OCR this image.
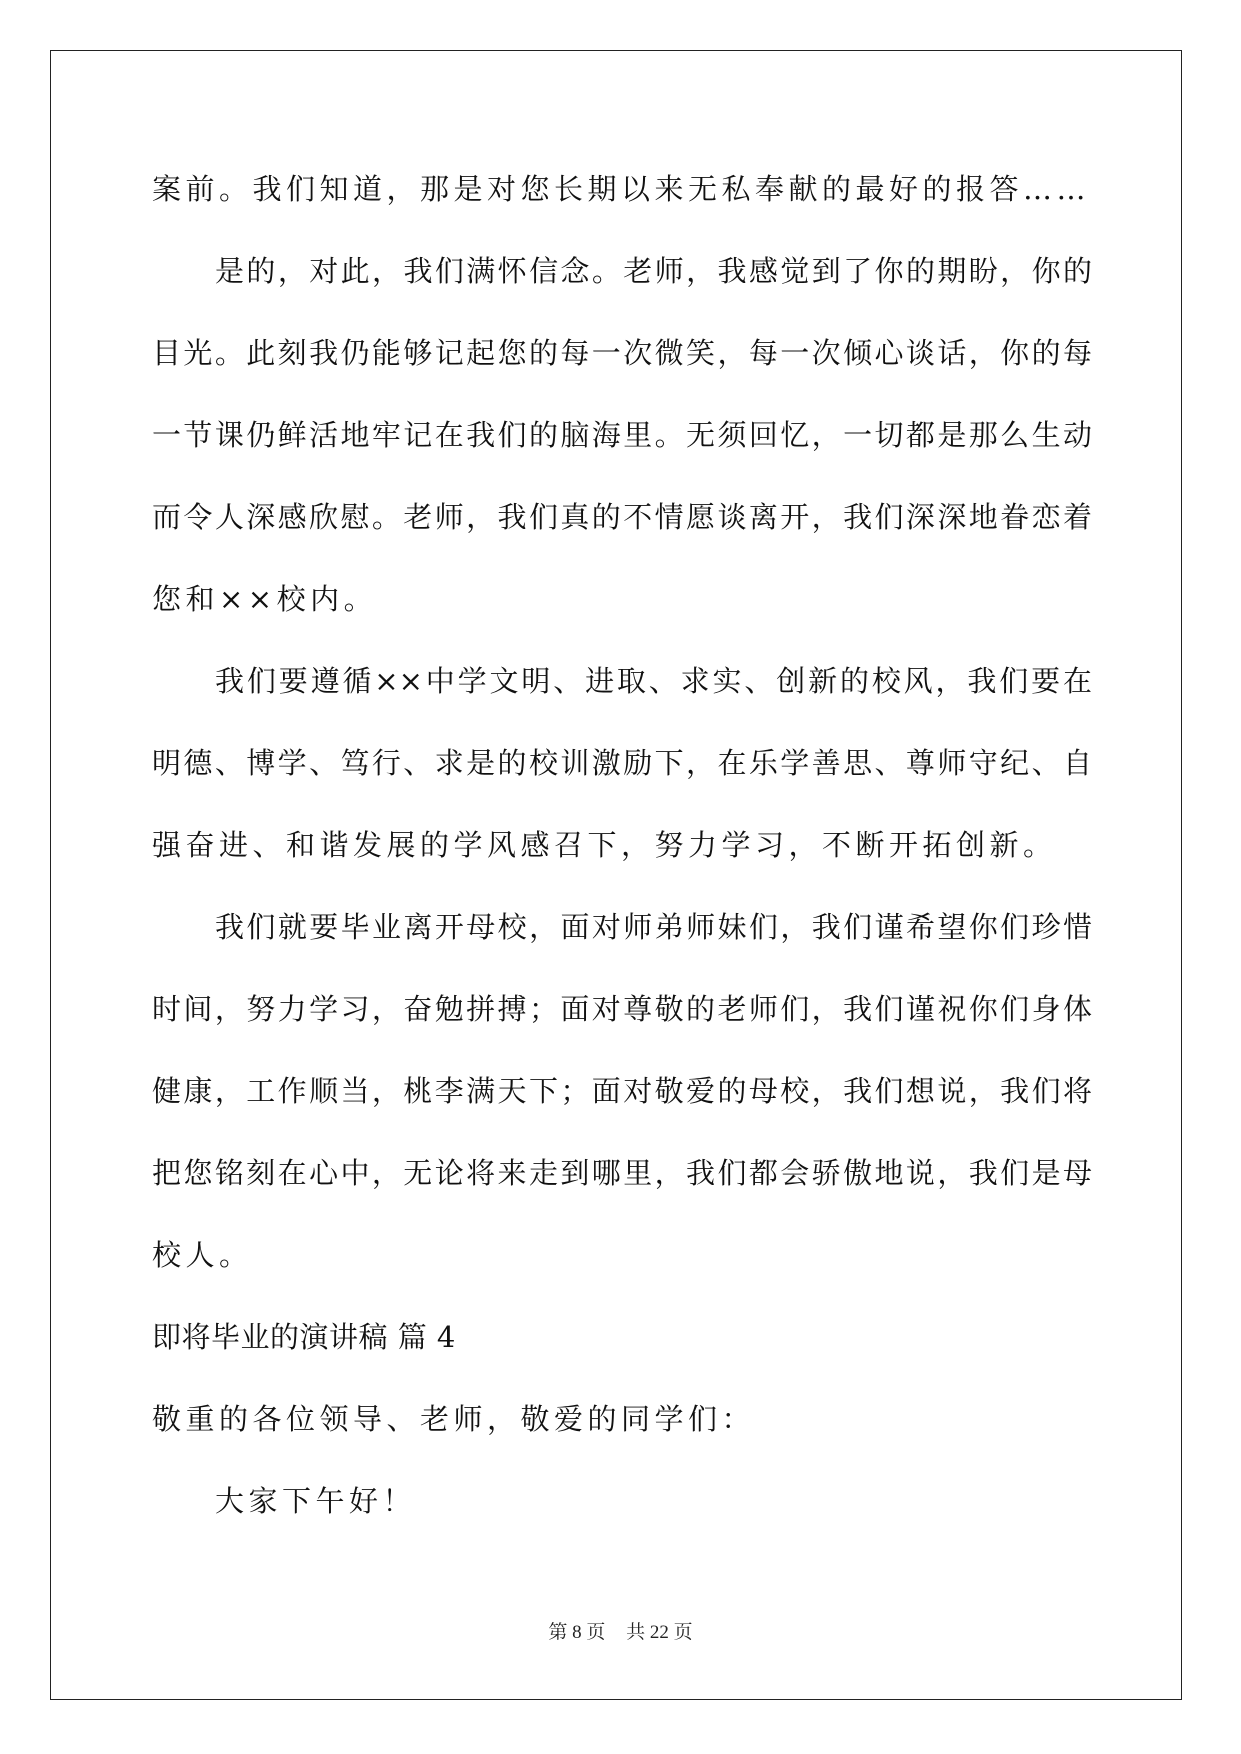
案前。我们知道，那是对您长期以来无私奉献的最好的报答……
是的，对此，我们满怀信念。老师，我感觉到了你的期盼，你的
目光。此刻我仍能够记起您的每一次微笑，每一次倾心谈话，你的每
一节课仍鲜活地牢记在我们的脑海里。无须回忆，一切都是那么生动
而令人深感欣慰。老师，我们真的不情愿谈离开，我们深深地眷恋着
您和××校内。
我们要遵循××中学文明、进取、求实、创新的校风，我们要在
明德、博学、笃行、求是的校训激励下，在乐学善思、尊师守纪、自
强奋进、和谐发展的学风感召下，努力学习，不断开拓创新。
我们就要毕业离开母校，面对师弟师妹们，我们谨希望你们珍惜
时间，努力学习，奋勉拼搏；面对尊敬的老师们，我们谨祝你们身体
健康，工作顺当，桃李满天下；面对敬爱的母校，我们想说，我们将
把您铭刻在心中，无论将来走到哪里，我们都会骄傲地说，我们是母
校人。
即将毕业的演讲稿 篇 4
敬重的各位领导、老师，敬爱的同学们：
大家下午好！
第 8 页 共 22 页
